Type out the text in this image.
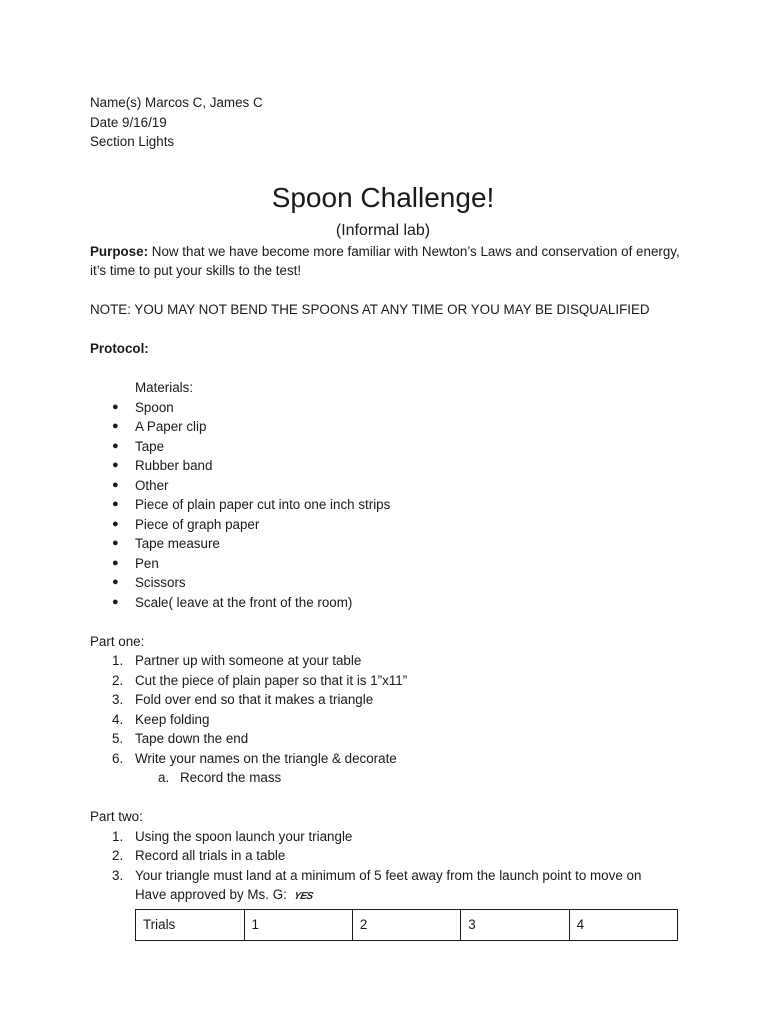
Name(s) Marcos C, James C
Date 9/16/19
Section Lights
Spoon Challenge!
(Informal lab)
Purpose: Now that we have become more familiar with Newton’s Laws and conservation of energy, it’s time to put your skills to the test!
NOTE: YOU MAY NOT BEND THE SPOONS AT ANY TIME OR YOU MAY BE DISQUALIFIED
Protocol:
Materials:
● Spoon
● A Paper clip
● Tape
● Rubber band
● Other
● Piece of plain paper cut into one inch strips
● Piece of graph paper
● Tape measure
● Pen
● Scissors
● Scale( leave at the front of the room)
Part one:
1. Partner up with someone at your table
2. Cut the piece of plain paper so that it is 1”x11”
3. Fold over end so that it makes a triangle
4. Keep folding
5. Tape down the end
6. Write your names on the triangle & decorate
a. Record the mass
Part two:
1. Using the spoon launch your triangle
2. Record all trials in a table
3. Your triangle must land at a minimum of 5 feet away from the launch point to move on
Have approved by Ms. G: YES
Trials	1	2	3	4
